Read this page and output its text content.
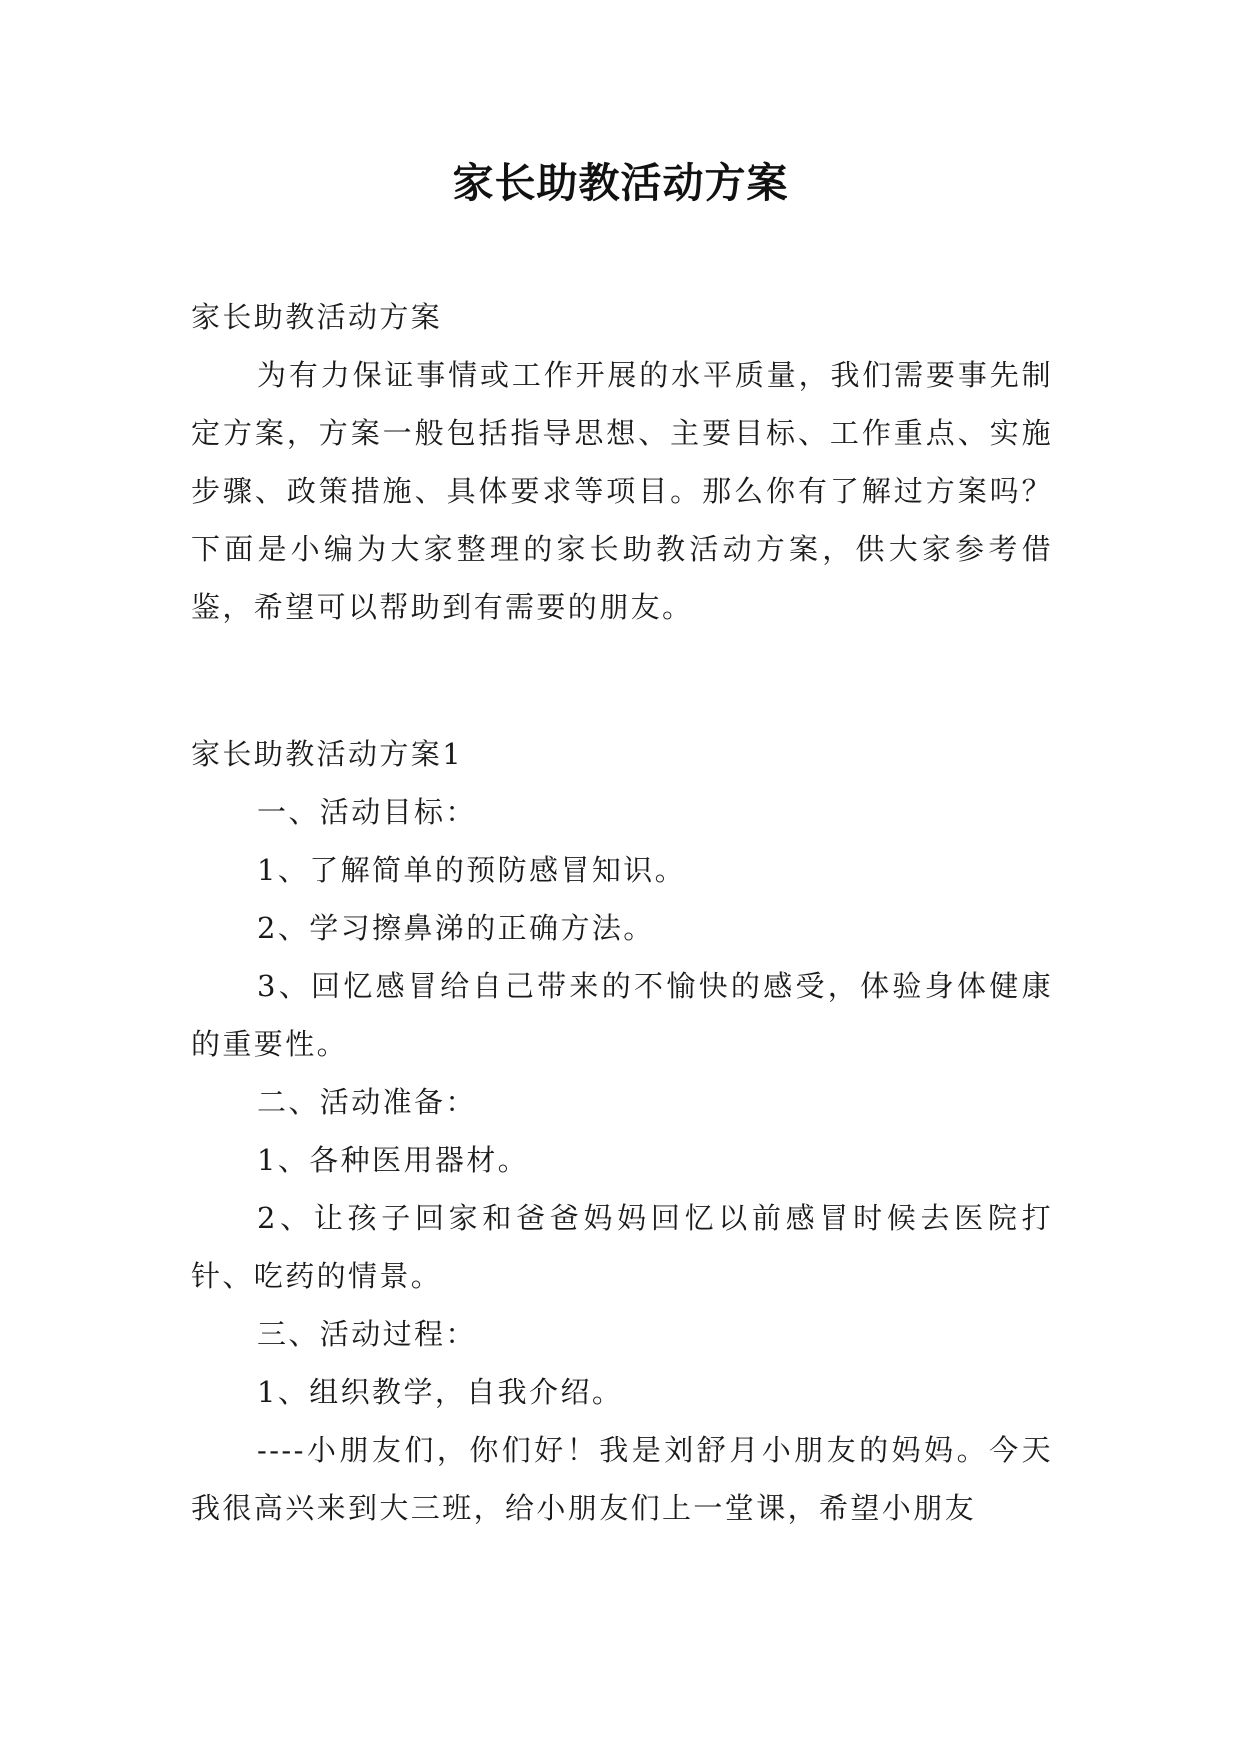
家长助教活动方案

家长助教活动方案

为有力保证事情或工作开展的水平质量，我们需要事先制定方案，方案一般包括指导思想、主要目标、工作重点、实施步骤、政策措施、具体要求等项目。那么你有了解过方案吗？下面是小编为大家整理的家长助教活动方案，供大家参考借鉴，希望可以帮助到有需要的朋友。

家长助教活动方案1

一、活动目标：

1、了解简单的预防感冒知识。

2、学习擦鼻涕的正确方法。

3、回忆感冒给自己带来的不愉快的感受，体验身体健康的重要性。

二、活动准备：

1、各种医用器材。

2、让孩子回家和爸爸妈妈回忆以前感冒时候去医院打针、吃药的情景。

三、活动过程：

1、组织教学，自我介绍。

----小朋友们，你们好！我是刘舒月小朋友的妈妈。今天我很高兴来到大三班，给小朋友们上一堂课，希望小朋友
